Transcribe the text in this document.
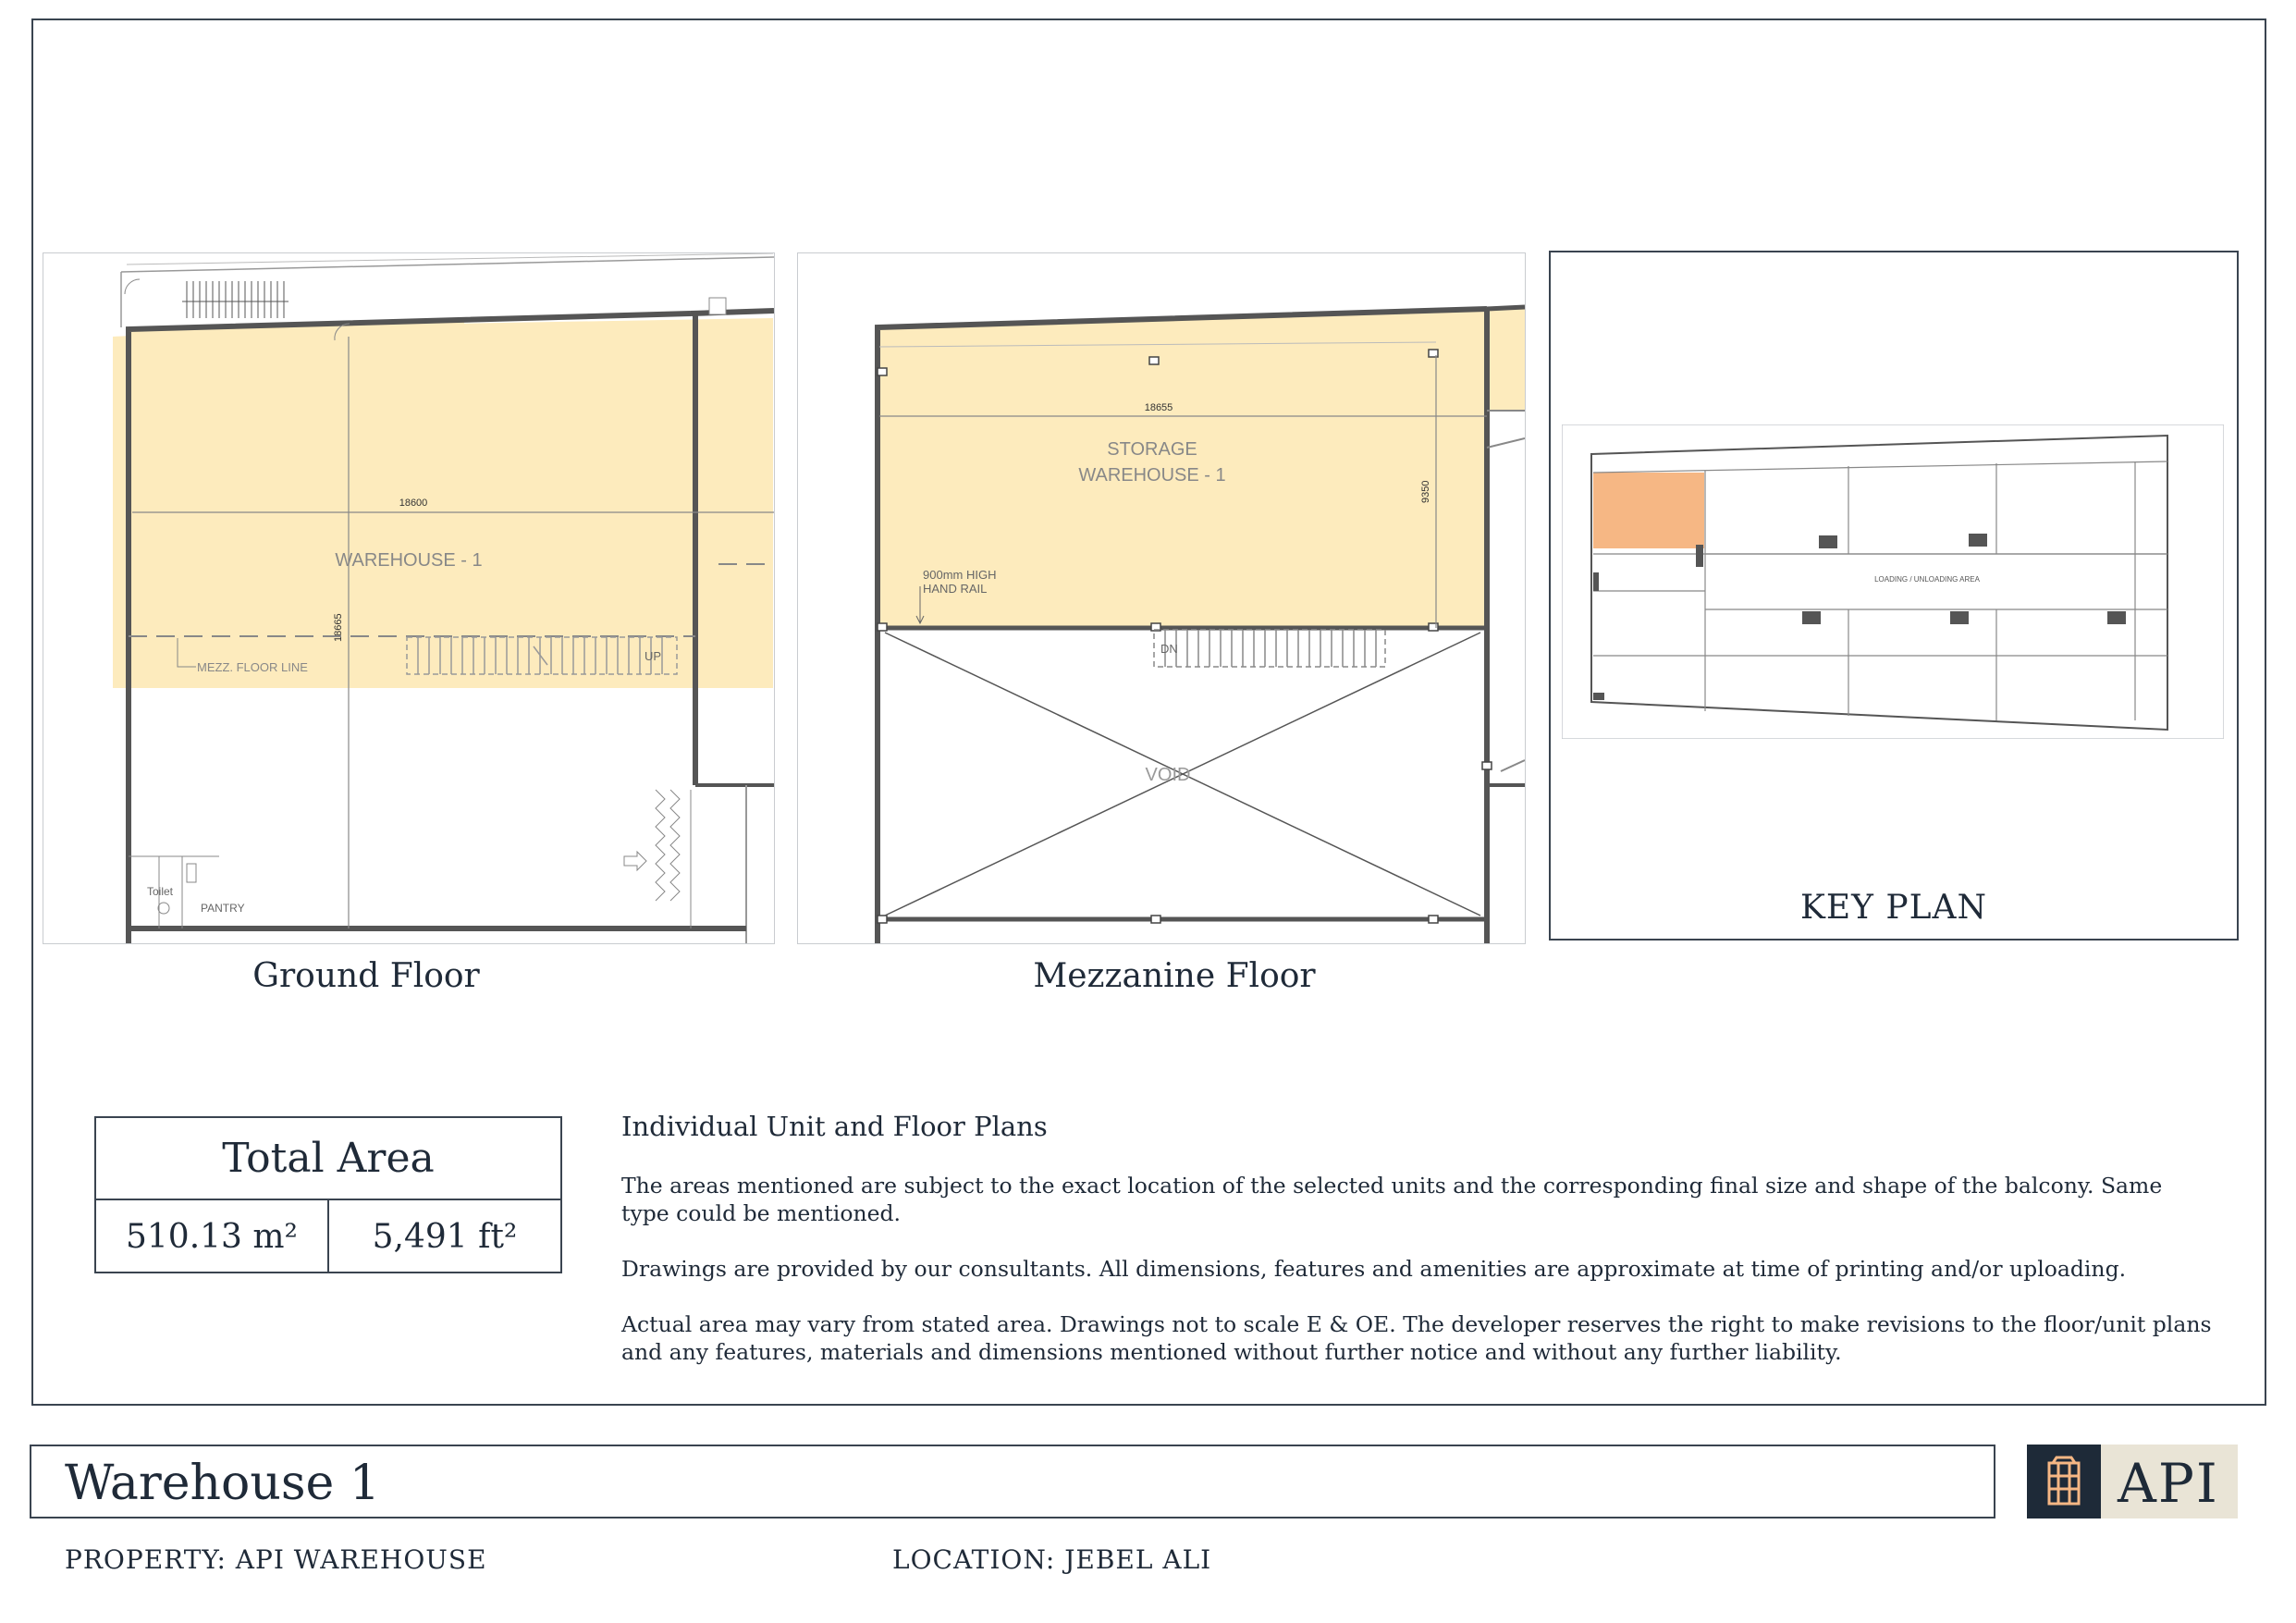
18600
18665
WAREHOUSE - 1
MEZZ. FLOOR LINE
UP
Toilet
PANTRY
Ground Floor
18655
9350
STORAGE
WAREHOUSE - 1
900mm HIGH
HAND RAIL
VOID
DN
Mezzanine Floor
LOADING / UNLOADING AREA
KEY PLAN
Total Area
510.13 m²	5,491 ft²
Individual Unit and Floor Plans

The areas mentioned are subject to the exact location of the selected units and the corresponding final size and shape of the balcony. Same type could be mentioned.

Drawings are provided by our consultants. All dimensions, features and amenities are approximate at time of printing and/or uploading.

Actual area may vary from stated area. Drawings not to scale E & OE. The developer reserves the right to make revisions to the floor/unit plans and any features, materials and dimensions mentioned without further notice and without any further liability.

Warehouse 1	API
PROPERTY: API WAREHOUSE	LOCATION: JEBEL ALI
